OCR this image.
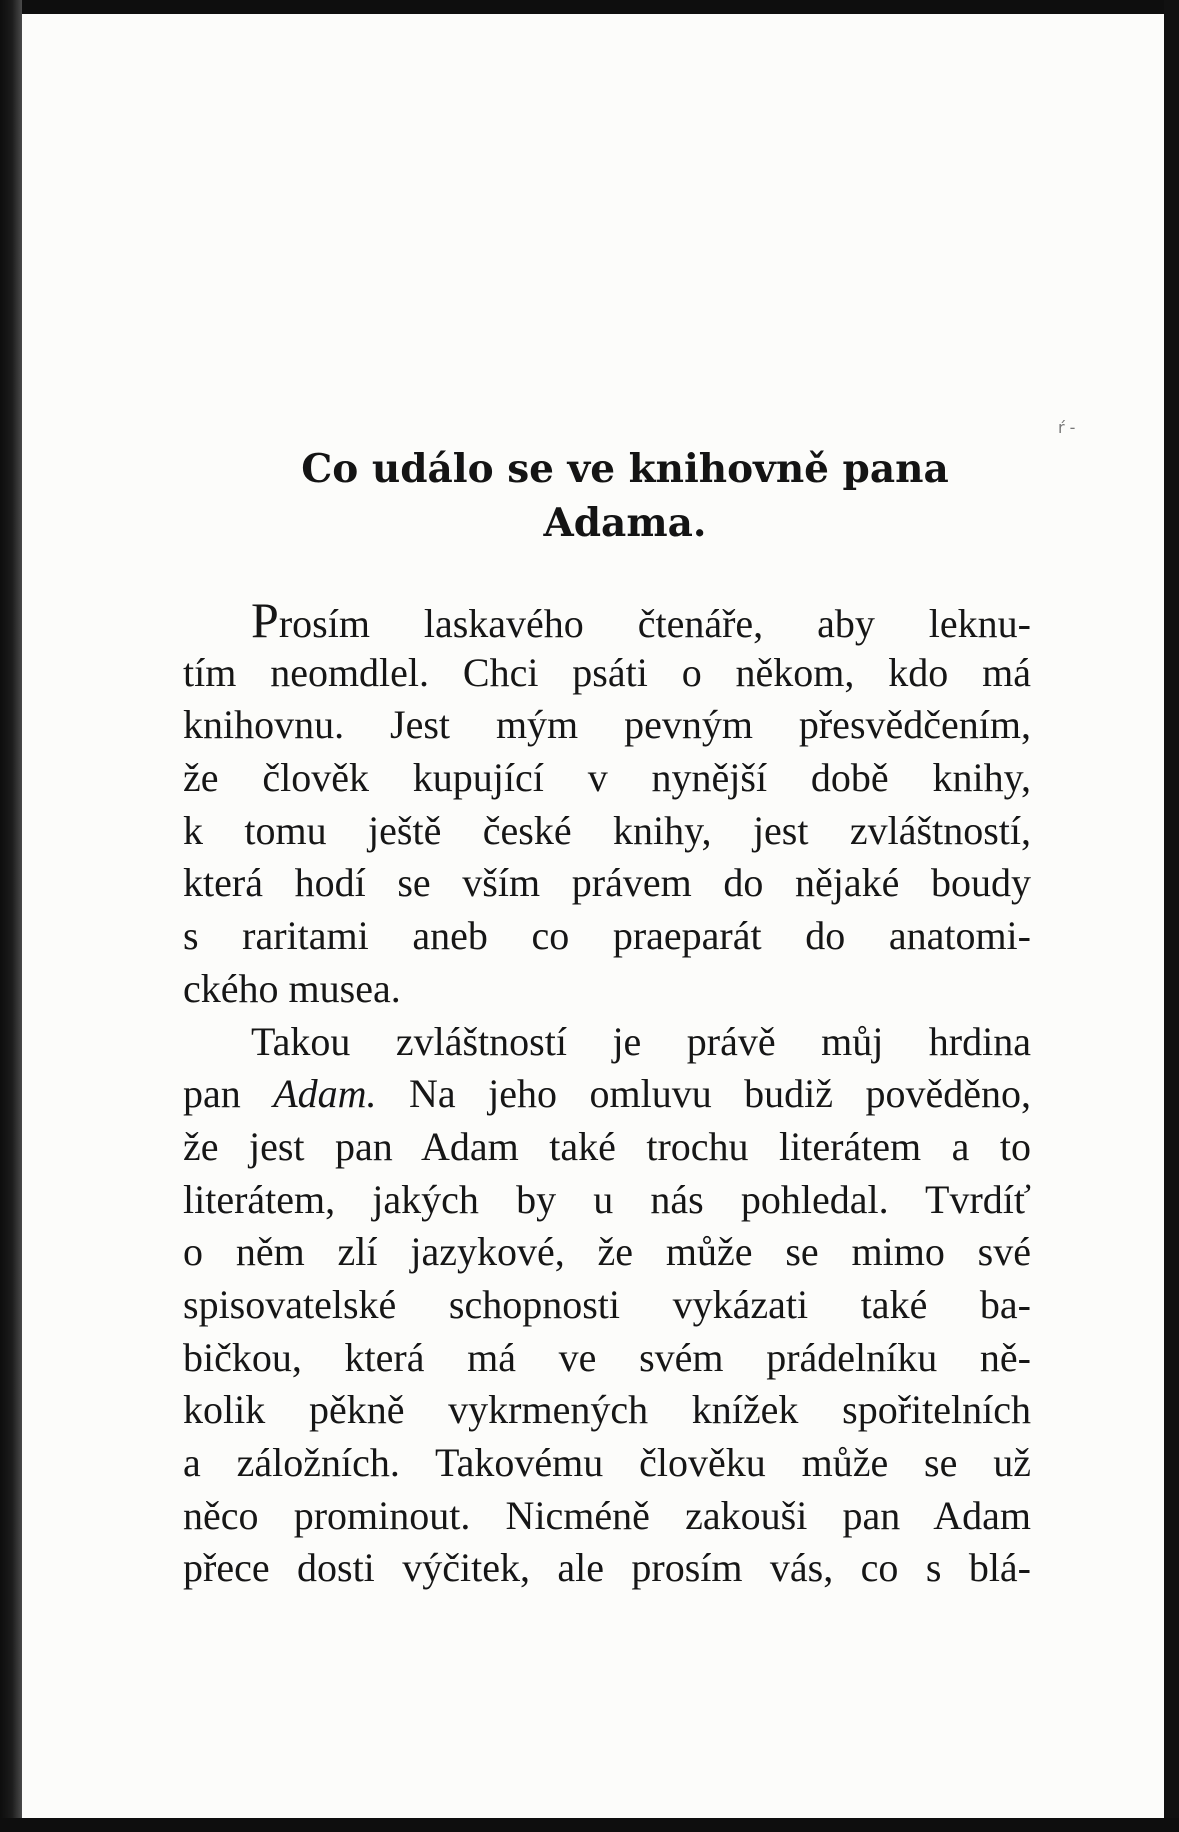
ŕ -
Co událo se ve knihovně pana
Adama.
Prosím laskavého čtenáře, aby leknu-
tím neomdlel. Chci psáti o někom, kdo má
knihovnu. Jest mým pevným přesvědčením,
že člověk kupující v nynější době knihy,
k tomu ještě české knihy, jest zvláštností,
která hodí se vším právem do nějaké boudy
s raritami aneb co praeparát do anatomi-
ckého musea.
Takou zvláštností je právě můj hrdina
pan Adam. Na jeho omluvu budiž pověděno,
že jest pan Adam také trochu literátem a to
literátem, jakých by u nás pohledal. Tvrdíť
o něm zlí jazykové, že může se mimo své
spisovatelské schopnosti vykázati také ba-
bičkou, která má ve svém prádelníku ně-
kolik pěkně vykrmených knížek spořitelních
a záložních. Takovému člověku může se už
něco prominout. Nicméně zakouši pan Adam
přece dosti výčitek, ale prosím vás, co s blá-
